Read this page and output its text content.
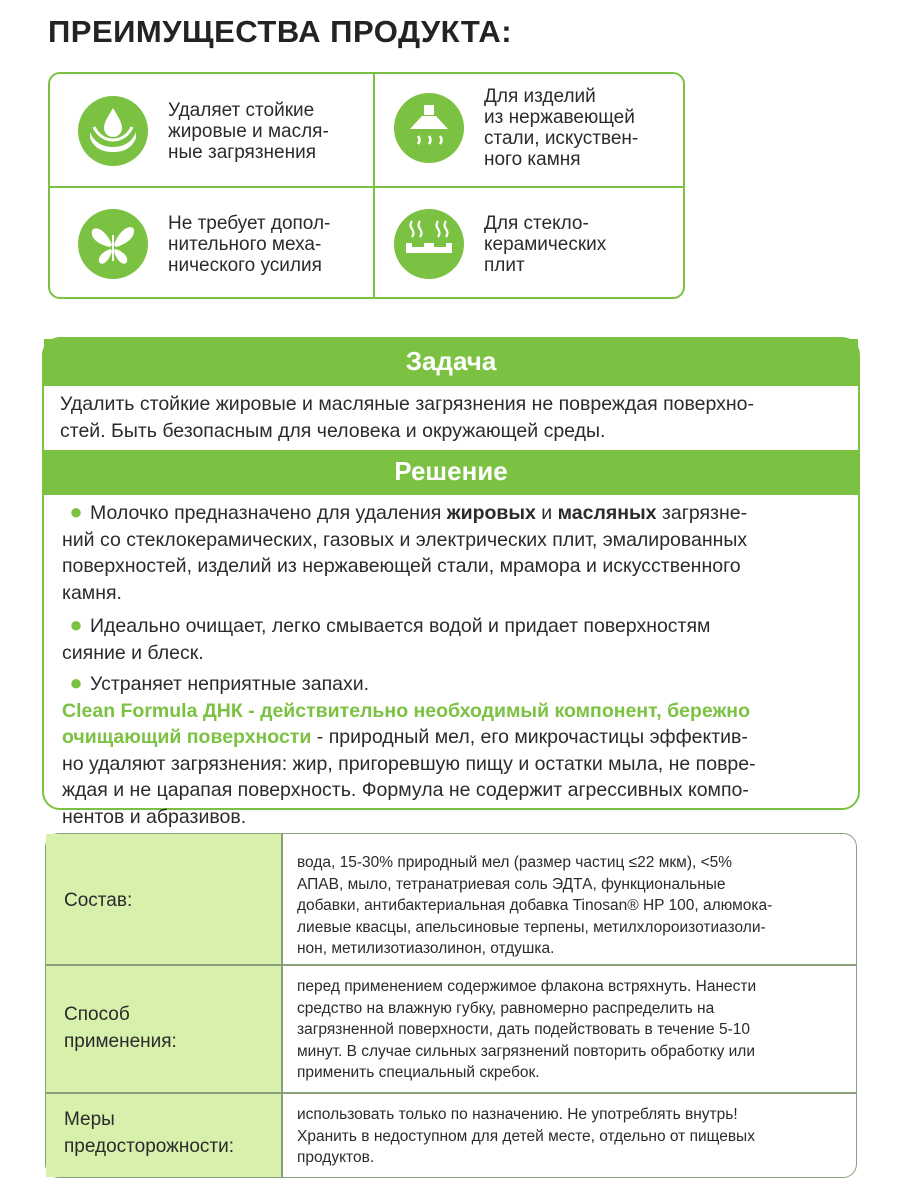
ПРЕИМУЩЕСТВА ПРОДУКТА:
Удаляет стойкие
жировые и масля-
ные загрязнения
Для изделий
из нержавеющей
стали, искуствен-
ного камня
Не требует допол-
нительного меха-
нического усилия
Для стекло-
керамических
плит
Задача
Удалить стойкие жировые и масляные загрязнения не повреждая поверхно-
стей. Быть безопасным для человека и окружающей среды.
Решение
● Молочко предназначено для удаления жировых и масляных загрязне-
ний со стеклокерамических, газовых и электрических плит, эмалированных
поверхностей, изделий из нержавеющей стали, мрамора и искусственного
камня.
● Идеально очищает, легко смывается водой и придает поверхностям
сияние и блеск.
● Устраняет неприятные запахи.
Clean Formula ДНК - действительно необходимый компонент, бережно
очищающий поверхности - природный мел, его микрочастицы эффектив-
но удаляют загрязнения: жир, пригоревшую пищу и остатки мыла, не повре-
ждая и не царапая поверхность. Формула не содержит агрессивных компо-
нентов и абразивов.
Состав:
вода, 15-30% природный мел (размер частиц ≤22 мкм), <5%
АПАВ, мыло, тетранатриевая соль ЭДТА, функциональные
добавки, антибактериальная добавка Tinosan® HP 100, алюмока-
лиевые квасцы, апельсиновые терпены, метилхлороизотиазоли-
нон, метилизотиазолинон, отдушка.
Способ
применения:
перед применением содержимое флакона встряхнуть. Нанести
средство на влажную губку, равномерно распределить на
загрязненной поверхности, дать подействовать в течение 5-10
минут. В случае сильных загрязнений повторить обработку или
применить специальный скребок.
Меры
предосторожности:
использовать только по назначению. Не употреблять внутрь!
Хранить в недоступном для детей месте, отдельно от пищевых
продуктов.
